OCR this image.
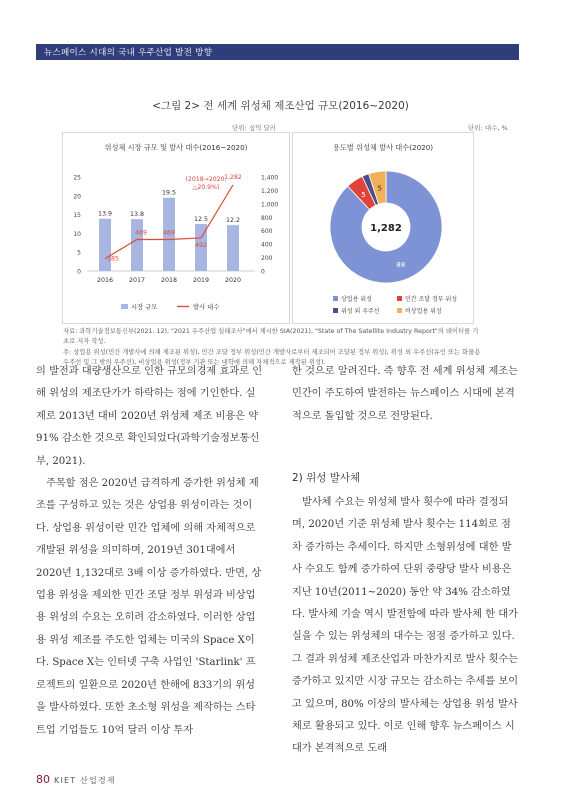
뉴스페이스 시대의 국내 우주산업 발전 방향
<그림 2> 전 세계 위성체 제조산업 규모(2016~2020)
단위: 십억 달러	단위: 대수, %
위성체 시장 규모 및 발사 대수(2016~2020)
0
5
10
15
20
25
0
200
400
600
800
1,000
1,200
1,400
13.9
2016
13.8
2017
19.5
2018
12.5
2019
12.2
2020
185
469	469
492
1,282
(2018→2020,
△20.9%)
시장 규모	발사 대수
용도별 위성체 발사 대수(2020)
1,282
88
5
5
상업용 위성	민간 조달 정부 위성
위성 외 우주선	비상업용 위성
자료: 과학기술정보통신부(2021. 12), "2021 우주산업 실태조사"에서 제시한 SIA(2021), "State of The Satellite Industry Report"의 데이터를 기초로 저자 작성.
주: 상업용 위성(민간 개발사에 의해 제조된 위성), 민간 조달 정부 위성(민간 개발사로부터 제조되어 조달된 정부 위성), 위성 외 우주선(유인 또는 화물용 우주선 및 그 밖의 우주선), 비상업용 위성(정부 기관 또는 대학에 의해 자체적으로 제작된 위성).

의 발전과 대량생산으로 인한 규모의경제 효과로 인해 위성의 제조단가가 하락하는 점에 기인한다. 실제로 2013년 대비 2020년 위성체 제조 비용은 약 91% 감소한 것으로 확인되었다(과학기술정보통신부, 2021).

주목할 점은 2020년 급격하게 증가한 위성체 제조를 구성하고 있는 것은 상업용 위성이라는 것이다. 상업용 위성이란 민간 업체에 의해 자체적으로 개발된 위성을 의미하며, 2019년 301대에서 2020년 1,132대로 3배 이상 증가하였다. 반면, 상업용 위성을 제외한 민간 조달 정부 위성과 비상업용 위성의 수요는 오히려 감소하였다. 이러한 상업용 위성 제조를 주도한 업체는 미국의 Space X이다. Space X는 인터넷 구축 사업인 'Starlink' 프로젝트의 일환으로 2020년 한해에 833기의 위성을 발사하였다. 또한 초소형 위성을 제작하는 스타트업 기업들도 10억 달러 이상 투자

한 것으로 알려진다. 즉 향후 전 세계 위성체 제조는 민간이 주도하여 발전하는 뉴스페이스 시대에 본격적으로 돌입할 것으로 전망된다.

2) 위성 발사체

발사체 수요는 위성체 발사 횟수에 따라 결정되며, 2020년 기준 위성체 발사 횟수는 114회로 점차 증가하는 추세이다. 하지만 소형위성에 대한 발사 수요도 함께 증가하여 단위 중량당 발사 비용은 지난 10년(2011~2020) 동안 약 34% 감소하였다. 발사체 기술 역시 발전함에 따라 발사체 한 대가 실을 수 있는 위성체의 대수는 점점 증가하고 있다. 그 결과 위성체 제조산업과 마찬가지로 발사 횟수는 증가하고 있지만 시장 규모는 감소하는 추세를 보이고 있으며, 80% 이상의 발사체는 상업용 위성 발사체로 활용되고 있다. 이로 인해 향후 뉴스페이스 시대가 본격적으로 도래

80 KIET 산업경제
